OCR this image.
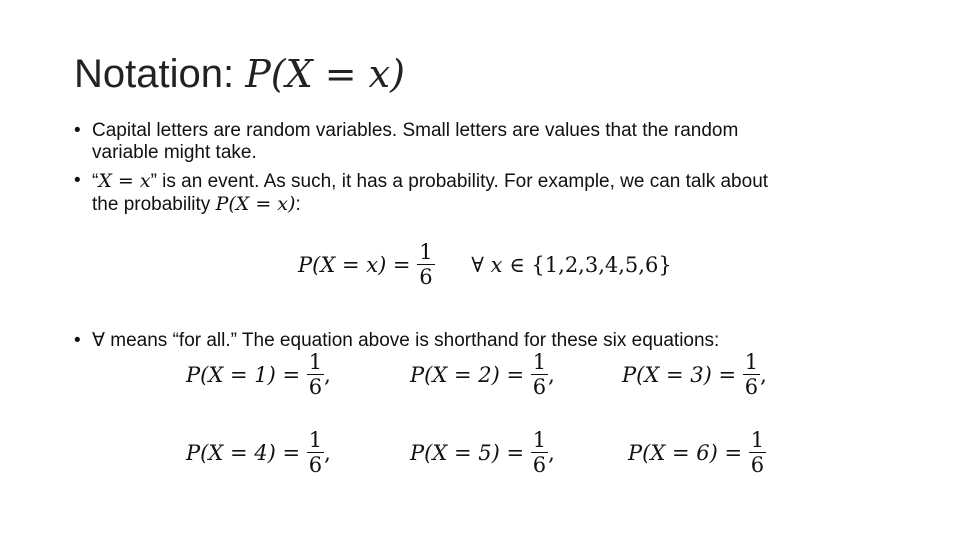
Notation: P(X = x)
• Capital letters are random variables. Small letters are values that the random
variable might take.
• “X = x” is an event. As such, it has a probability. For example, we can talk about
the probability P(X = x):
$P(X = x) = \frac{1}{6}$ ∀ x ∈ {1,2,3,4,5,6}
• ∀ means “for all.” The equation above is shorthand for these six equations:
$P(X = 1) = \frac{1}{6}$ ,	$P(X = 2) = \frac{1}{6}$ ,	$P(X = 3) = \frac{1}{6}$ ,
$P(X = 4) = \frac{1}{6}$ ,	$P(X = 5) = \frac{1}{6}$ ,	$P(X = 6) = \frac{1}{6}$
